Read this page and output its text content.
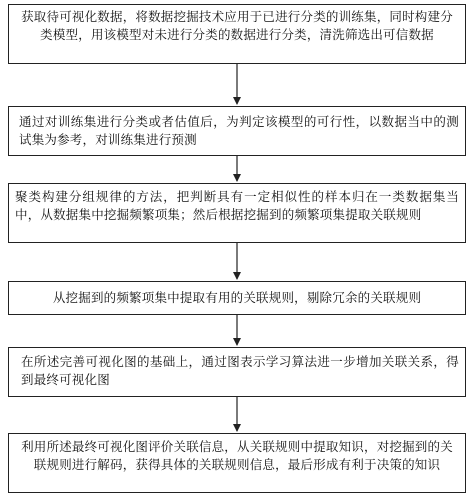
获取待可视化数据，将数据挖掘技术应用于已进行分类的训练集，同时构建分类模型，用该模型对未进行分类的数据进行分类，清洗筛选出可信数据
通过对训练集进行分类或者估值后，为判定该模型的可行性，以数据当中的测试集为参考，对训练集进行预测
聚类构建分组规律的方法，把判断具有一定相似性的样本归在一类数据集当中，从数据集中挖掘频繁项集；然后根据挖掘到的频繁项集提取关联规则
从挖掘到的频繁项集中提取有用的关联规则，剔除冗余的关联规则
在所述完善可视化图的基础上，通过图表示学习算法进一步增加关联关系，得到最终可视化图
利用所述最终可视化图评价关联信息，从关联规则中提取知识，对挖掘到的关联规则进行解码，获得具体的关联规则信息，最后形成有利于决策的知识
